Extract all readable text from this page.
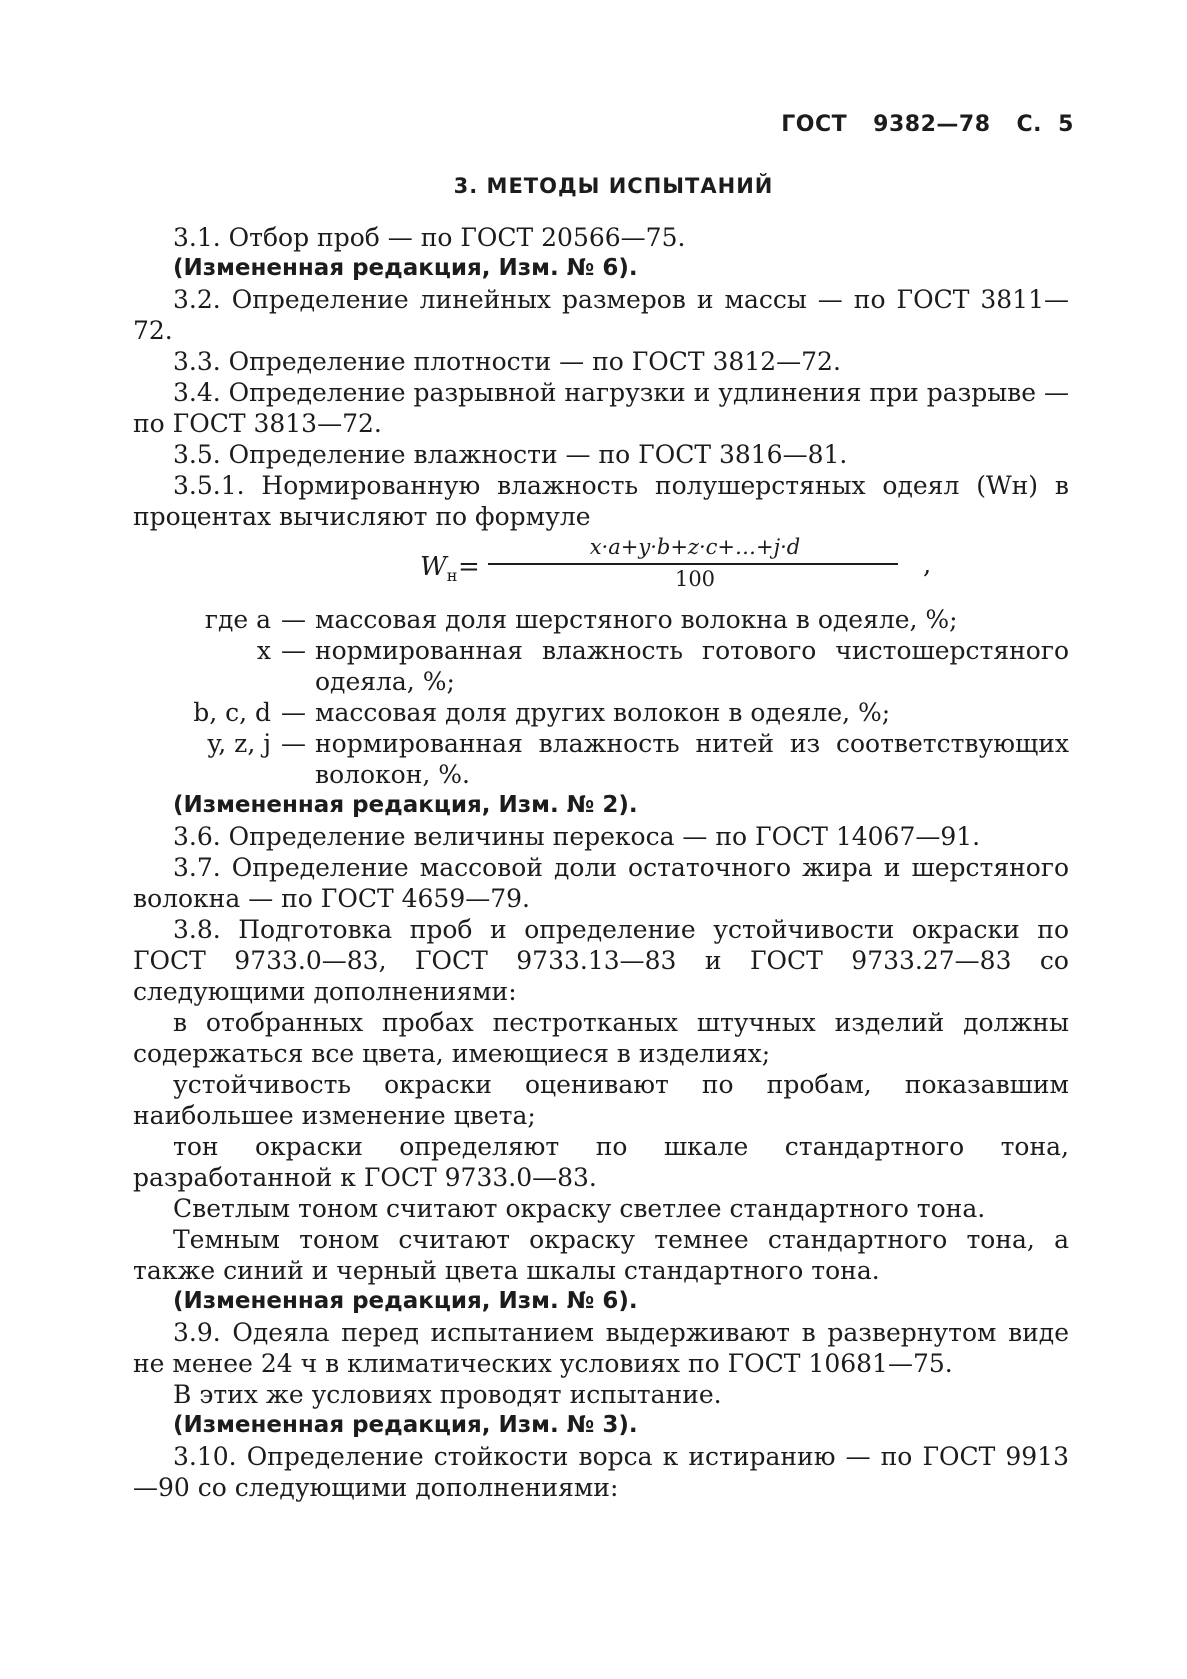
ГОСТ 9382—78 С. 5
3. МЕТОДЫ ИСПЫТАНИЙ

3.1. Отбор проб — по ГОСТ 20566—75.

(Измененная редакция, Изм. № 6).

3.2. Определение линейных размеров и массы — по ГОСТ 3811—72.

3.3. Определение плотности — по ГОСТ 3812—72.

3.4. Определение разрывной нагрузки и удлинения при разрыве — по ГОСТ 3813—72.

3.5. Определение влажности — по ГОСТ 3816—81.

3.5.1. Нормированную влажность полушерстяных одеял (Wн) в процентах вычисляют по формуле

$W_н$ =
x·a+y·b+z·c+…+j·d
100	,
где a — массовая доля шерстяного волокна в одеяле, %;
x — нормированная влажность готового чистошерстяного одеяла, %;
b, c, d — массовая доля других волокон в одеяле, %;
y, z, j — нормированная влажность нитей из соответствующих волокон, %.

(Измененная редакция, Изм. № 2).

3.6. Определение величины перекоса — по ГОСТ 14067—91.

3.7. Определение массовой доли остаточного жира и шерстяного волокна — по ГОСТ 4659—79.

3.8. Подготовка проб и определение устойчивости окраски по ГОСТ 9733.0—83, ГОСТ 9733.13—83 и ГОСТ 9733.27—83 со следующими дополнениями:

в отобранных пробах пестротканых штучных изделий должны содержаться все цвета, имеющиеся в изделиях;

устойчивость окраски оценивают по пробам, показавшим наибольшее изменение цвета;

тон окраски определяют по шкале стандартного тона, разработанной к ГОСТ 9733.0—83.

Светлым тоном считают окраску светлее стандартного тона.

Темным тоном считают окраску темнее стандартного тона, а также синий и черный цвета шкалы стандартного тона.

(Измененная редакция, Изм. № 6).

3.9. Одеяла перед испытанием выдерживают в развернутом виде не менее 24 ч в климатических условиях по ГОСТ 10681—75.

В этих же условиях проводят испытание.

(Измененная редакция, Изм. № 3).

3.10. Определение стойкости ворса к истиранию — по ГОСТ 9913—90 со следующими дополнениями:
